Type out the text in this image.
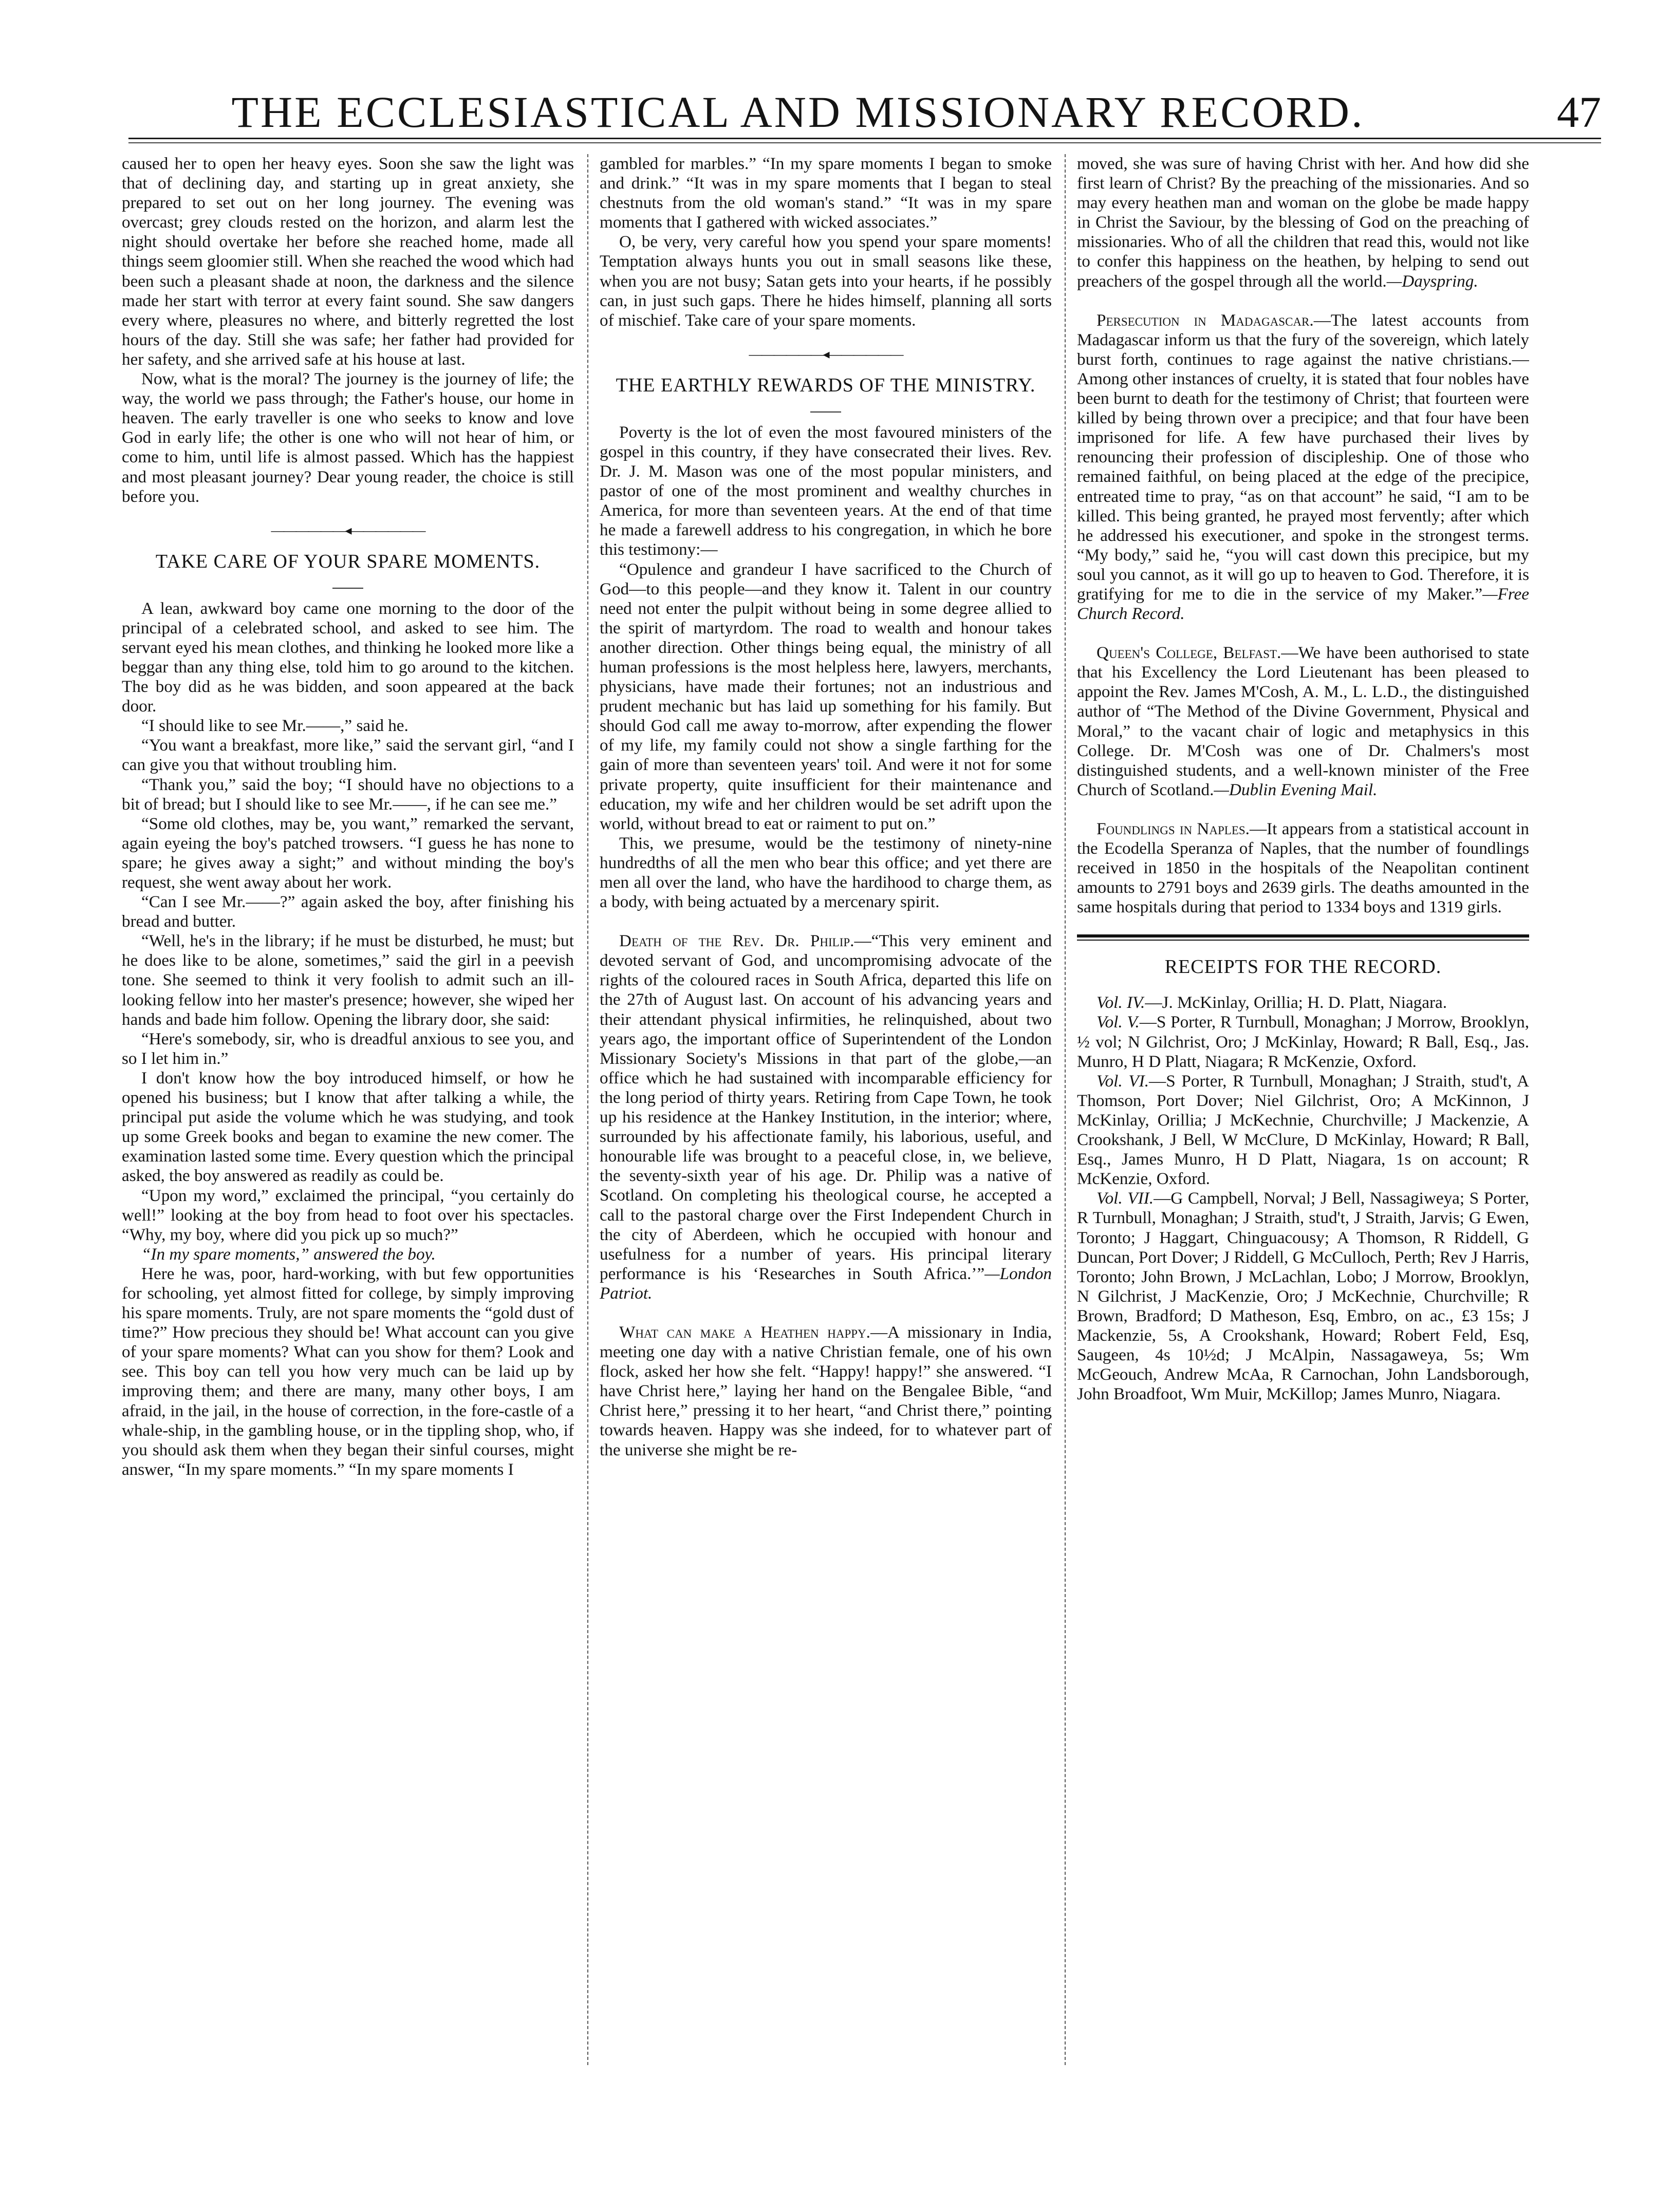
THE ECCLESIASTICAL AND MISSIONARY RECORD.	47

caused her to open her heavy eyes. Soon she saw the light was that of declining day, and starting up in great anxiety, she prepared to set out on her long journey. The evening was overcast; grey clouds rested on the horizon, and alarm lest the night should overtake her before she reached home, made all things seem gloomier still. When she reached the wood which had been such a pleasant shade at noon, the darkness and the silence made her start with terror at every faint sound. She saw dangers every where, pleasures no where, and bitterly regretted the lost hours of the day. Still she was safe; her father had provided for her safety, and she arrived safe at his house at last.

Now, what is the moral? The journey is the journey of life; the way, the world we pass through; the Father's house, our home in heaven. The early traveller is one who seeks to know and love God in early life; the other is one who will not hear of him, or come to him, until life is almost passed. Which has the happiest and most pleasant journey? Dear young reader, the choice is still before you.

——————◂——————
TAKE CARE OF YOUR SPARE MOMENTS.

A lean, awkward boy came one morning to the door of the principal of a celebrated school, and asked to see him. The servant eyed his mean clothes, and thinking he looked more like a beggar than any thing else, told him to go around to the kitchen. The boy did as he was bidden, and soon appeared at the back door.

“I should like to see Mr.——,” said he.

“You want a breakfast, more like,” said the servant girl, “and I can give you that without troubling him.

“Thank you,” said the boy; “I should have no objections to a bit of bread; but I should like to see Mr.——, if he can see me.”

“Some old clothes, may be, you want,” remarked the servant, again eyeing the boy's patched trowsers. “I guess he has none to spare; he gives away a sight;” and without minding the boy's request, she went away about her work.

“Can I see Mr.——?” again asked the boy, after finishing his bread and butter.

“Well, he's in the library; if he must be disturbed, he must; but he does like to be alone, sometimes,” said the girl in a peevish tone. She seemed to think it very foolish to admit such an ill-looking fellow into her master's presence; however, she wiped her hands and bade him follow. Opening the library door, she said:

“Here's somebody, sir, who is dreadful anxious to see you, and so I let him in.”

I don't know how the boy introduced himself, or how he opened his business; but I know that after talking a while, the principal put aside the volume which he was studying, and took up some Greek books and began to examine the new comer. The examination lasted some time. Every question which the principal asked, the boy answered as readily as could be.

“Upon my word,” exclaimed the principal, “you certainly do well!” looking at the boy from head to foot over his spectacles. “Why, my boy, where did you pick up so much?”

“In my spare moments,” answered the boy.

Here he was, poor, hard-working, with but few opportunities for schooling, yet almost fitted for college, by simply improving his spare moments. Truly, are not spare moments the “gold dust of time?” How precious they should be! What account can you give of your spare moments? What can you show for them? Look and see. This boy can tell you how very much can be laid up by improving them; and there are many, many other boys, I am afraid, in the jail, in the house of correction, in the fore-castle of a whale-ship, in the gambling house, or in the tippling shop, who, if you should ask them when they began their sinful courses, might answer, “In my spare moments.” “In my spare moments I

gambled for marbles.” “In my spare moments I began to smoke and drink.” “It was in my spare moments that I began to steal chestnuts from the old woman's stand.” “It was in my spare moments that I gathered with wicked associates.”

O, be very, very careful how you spend your spare moments! Temptation always hunts you out in small seasons like these, when you are not busy; Satan gets into your hearts, if he possibly can, in just such gaps. There he hides himself, planning all sorts of mischief. Take care of your spare moments.

——————◂——————
THE EARTHLY REWARDS OF THE MINISTRY.

Poverty is the lot of even the most favoured ministers of the gospel in this country, if they have consecrated their lives. Rev. Dr. J. M. Mason was one of the most popular ministers, and pastor of one of the most prominent and wealthy churches in America, for more than seventeen years. At the end of that time he made a farewell address to his congregation, in which he bore this testimony:—

“Opulence and grandeur I have sacrificed to the Church of God—to this people—and they know it. Talent in our country need not enter the pulpit without being in some degree allied to the spirit of martyrdom. The road to wealth and honour takes another direction. Other things being equal, the ministry of all human professions is the most helpless here, lawyers, merchants, physicians, have made their fortunes; not an industrious and prudent mechanic but has laid up something for his family. But should God call me away to-morrow, after expending the flower of my life, my family could not show a single farthing for the gain of more than seventeen years' toil. And were it not for some private property, quite insufficient for their maintenance and education, my wife and her children would be set adrift upon the world, without bread to eat or raiment to put on.”

This, we presume, would be the testimony of ninety-nine hundredths of all the men who bear this office; and yet there are men all over the land, who have the hardihood to charge them, as a body, with being actuated by a mercenary spirit.

Death of the Rev. Dr. Philip.—“This very eminent and devoted servant of God, and uncompromising advocate of the rights of the coloured races in South Africa, departed this life on the 27th of August last. On account of his advancing years and their attendant physical infirmities, he relinquished, about two years ago, the important office of Superintendent of the London Missionary Society's Missions in that part of the globe,—an office which he had sustained with incomparable efficiency for the long period of thirty years. Retiring from Cape Town, he took up his residence at the Hankey Institution, in the interior; where, surrounded by his affectionate family, his laborious, useful, and honourable life was brought to a peaceful close, in, we believe, the seventy-sixth year of his age. Dr. Philip was a native of Scotland. On completing his theological course, he accepted a call to the pastoral charge over the First Independent Church in the city of Aberdeen, which he occupied with honour and usefulness for a number of years. His principal literary performance is his ‘Researches in South Africa.’”—London Patriot.

What can make a Heathen happy.—A missionary in India, meeting one day with a native Christian female, one of his own flock, asked her how she felt. “Happy! happy!” she answered. “I have Christ here,” laying her hand on the Bengalee Bible, “and Christ here,” pressing it to her heart, “and Christ there,” pointing towards heaven. Happy was she indeed, for to whatever part of the universe she might be re-

moved, she was sure of having Christ with her. And how did she first learn of Christ? By the preaching of the missionaries. And so may every heathen man and woman on the globe be made happy in Christ the Saviour, by the blessing of God on the preaching of missionaries. Who of all the children that read this, would not like to confer this happiness on the heathen, by helping to send out preachers of the gospel through all the world.—Dayspring.

Persecution in Madagascar.—The latest accounts from Madagascar inform us that the fury of the sovereign, which lately burst forth, continues to rage against the native christians.—Among other instances of cruelty, it is stated that four nobles have been burnt to death for the testimony of Christ; that fourteen were killed by being thrown over a precipice; and that four have been imprisoned for life. A few have purchased their lives by renouncing their profession of discipleship. One of those who remained faithful, on being placed at the edge of the precipice, entreated time to pray, “as on that account” he said, “I am to be killed. This being granted, he prayed most fervently; after which he addressed his executioner, and spoke in the strongest terms. “My body,” said he, “you will cast down this precipice, but my soul you cannot, as it will go up to heaven to God. Therefore, it is gratifying for me to die in the service of my Maker.”—Free Church Record.

Queen's College, Belfast.—We have been authorised to state that his Excellency the Lord Lieutenant has been pleased to appoint the Rev. James M'Cosh, A. M., L. L.D., the distinguished author of “The Method of the Divine Government, Physical and Moral,” to the vacant chair of logic and metaphysics in this College. Dr. M'Cosh was one of Dr. Chalmers's most distinguished students, and a well-known minister of the Free Church of Scotland.—Dublin Evening Mail.

Foundlings in Naples.—It appears from a statistical account in the Ecodella Speranza of Naples, that the number of foundlings received in 1850 in the hospitals of the Neapolitan continent amounts to 2791 boys and 2639 girls. The deaths amounted in the same hospitals during that period to 1334 boys and 1319 girls.

RECEIPTS FOR THE RECORD.

Vol. IV.—J. McKinlay, Orillia; H. D. Platt, Niagara.

Vol. V.—S Porter, R Turnbull, Monaghan; J Morrow, Brooklyn, ½ vol; N Gilchrist, Oro; J McKinlay, Howard; R Ball, Esq., Jas. Munro, H D Platt, Niagara; R McKenzie, Oxford.

Vol. VI.—S Porter, R Turnbull, Monaghan; J Straith, stud't, A Thomson, Port Dover; Niel Gilchrist, Oro; A McKinnon, J McKinlay, Orillia; J McKechnie, Churchville; J Mackenzie, A Crookshank, J Bell, W McClure, D McKinlay, Howard; R Ball, Esq., James Munro, H D Platt, Niagara, 1s on account; R McKenzie, Oxford.

Vol. VII.—G Campbell, Norval; J Bell, Nassagiweya; S Porter, R Turnbull, Monaghan; J Straith, stud't, J Straith, Jarvis; G Ewen, Toronto; J Haggart, Chinguacousy; A Thomson, R Riddell, G Duncan, Port Dover; J Riddell, G McCulloch, Perth; Rev J Harris, Toronto; John Brown, J McLachlan, Lobo; J Morrow, Brooklyn, N Gilchrist, J MacKenzie, Oro; J McKechnie, Churchville; R Brown, Bradford; D Matheson, Esq, Embro, on ac., £3 15s; J Mackenzie, 5s, A Crookshank, Howard; Robert Feld, Esq, Saugeen, 4s 10½d; J McAlpin, Nassagaweya, 5s; Wm McGeouch, Andrew McAa, R Carnochan, John Landsborough, John Broadfoot, Wm Muir, McKillop; James Munro, Niagara.
